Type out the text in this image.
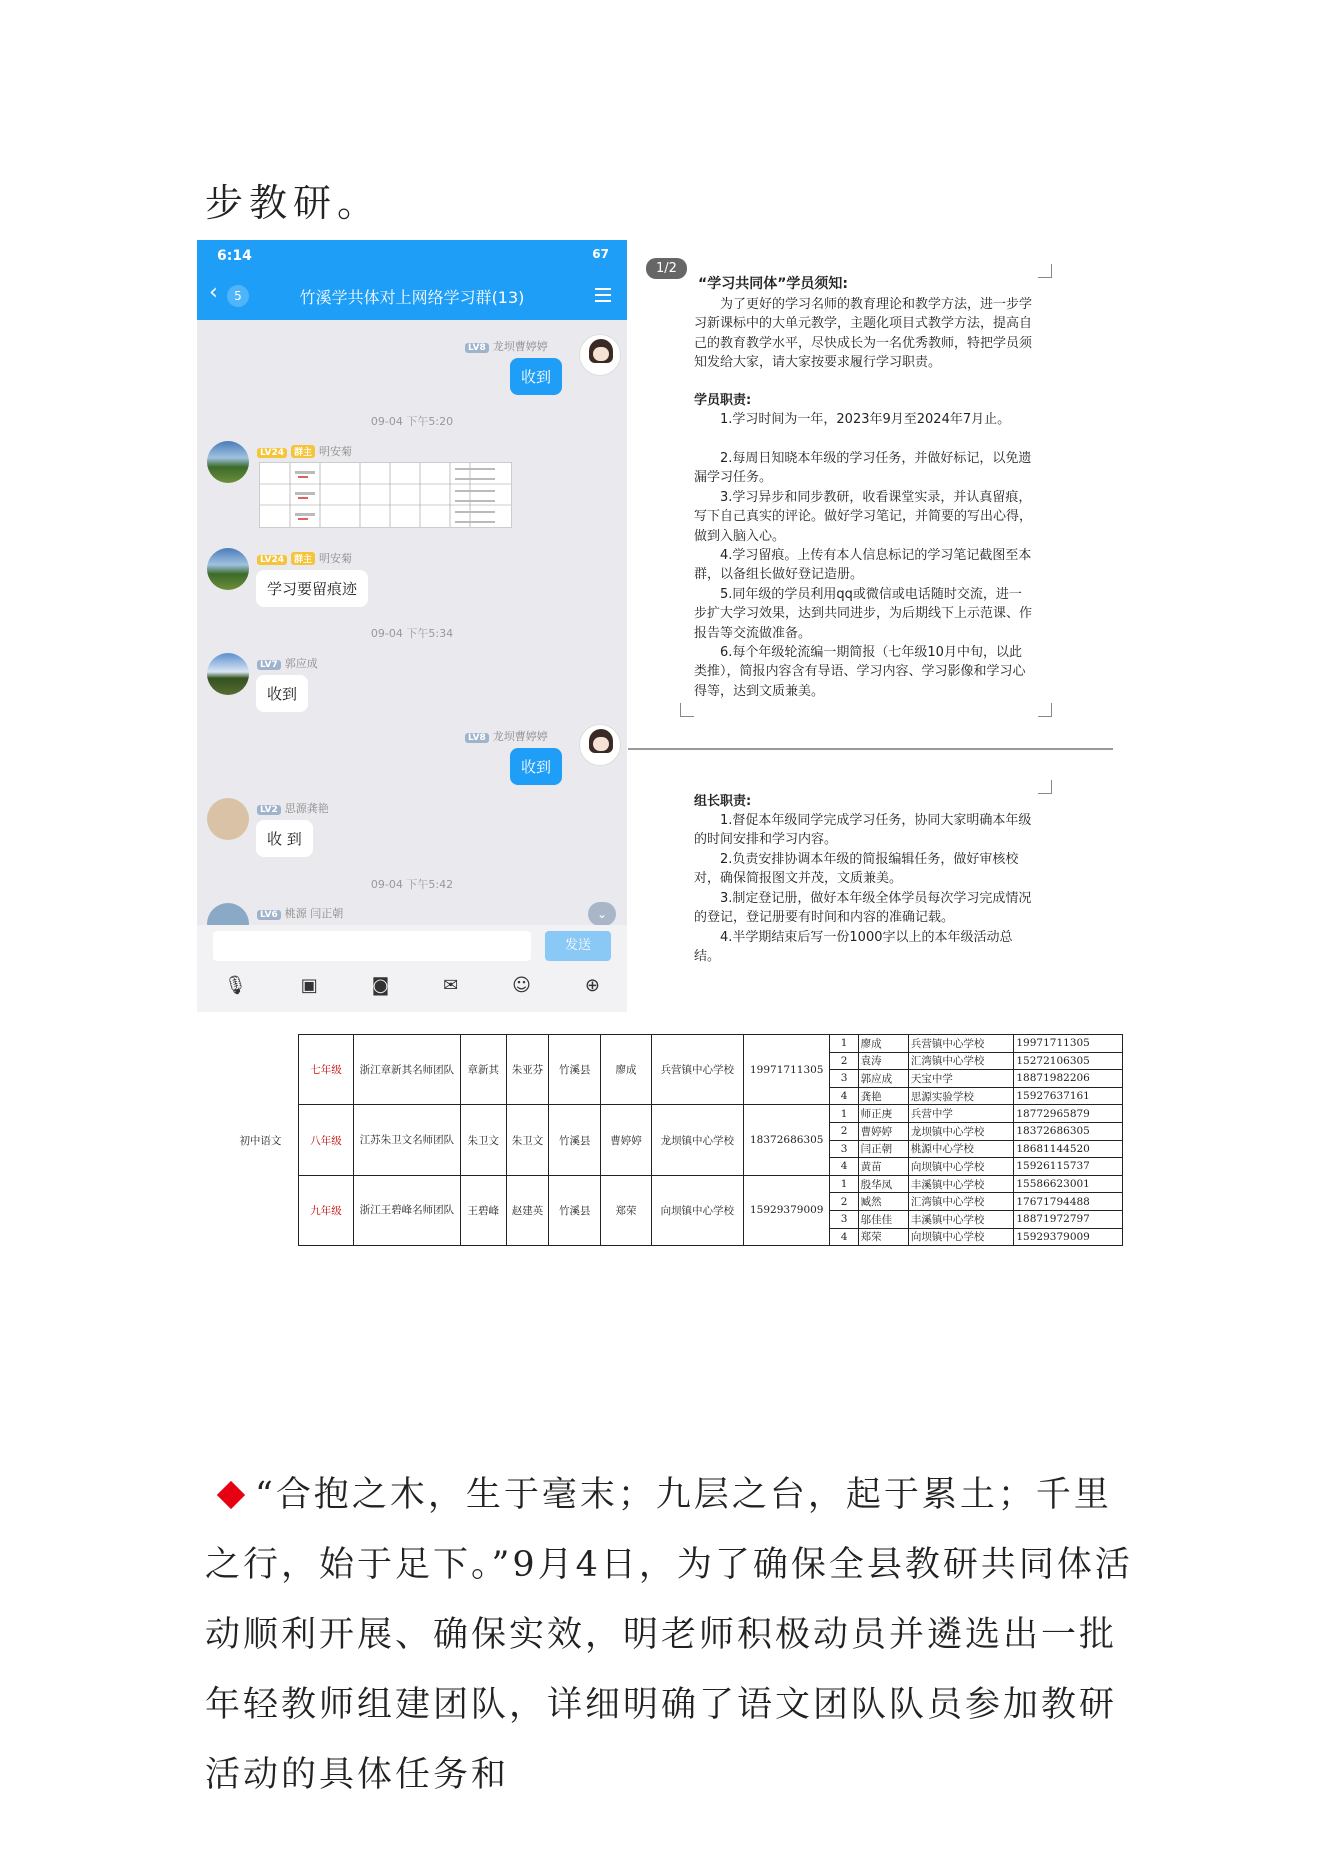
步教研。
6:14	67
‹	5	竹溪学共体对上网络学习群(13)
LV8 龙坝曹婷婷
收到
09-04 下午5:20
LV24 群主 明安菊
LV24 群主 明安菊
学习要留痕迹
09-04 下午5:34
LV7 郭应成
收到
LV8 龙坝曹婷婷
收到
LV2 思源龚艳
收 到
09-04 下午5:42
LV6 桃源 闫正朝	⌄
发送
🎙	▣	◙	✉	☺	⊕
1/2
“学习共同体”学员须知:
为了更好的学习名师的教育理论和教学方法，进一步学习新课标中的大单元教学，主题化项目式教学方法，提高自己的教育教学水平，尽快成长为一名优秀教师，特把学员须知发给大家，请大家按要求履行学习职责。
学员职责:
1.学习时间为一年，2023年9月至2024年7月止。
2.每周日知晓本年级的学习任务，并做好标记，以免遗漏学习任务。
3.学习异步和同步教研，收看课堂实录，并认真留痕，写下自己真实的评论。做好学习笔记，并简要的写出心得，做到入脑入心。
4.学习留痕。上传有本人信息标记的学习笔记截图至本群，以备组长做好登记造册。
5.同年级的学员利用qq或微信或电话随时交流，进一步扩大学习效果，达到共同进步，为后期线下上示范课、作报告等交流做准备。
6.每个年级轮流编一期简报（七年级10月中旬，以此类推），简报内容含有导语、学习内容、学习影像和学习心得等，达到文质兼美。
组长职责:
1.督促本年级同学完成学习任务，协同大家明确本年级的时间安排和学习内容。
2.负责安排协调本年级的简报编辑任务，做好审核校对，确保简报图文并茂，文质兼美。
3.制定登记册，做好本年级全体学员每次学习完成情况的登记，登记册要有时间和内容的准确记载。
4.半学期结束后写一份1000字以上的本年级活动总结。
初中语文	七年级	浙江章新其名师团队	章新其	朱亚芬	竹溪县	廖成	兵营镇中心学校	19971711305	1	廖成	兵营镇中心学校	19971711305
									2	袁涛	汇湾镇中心学校	15272106305
									3	郭应成	天宝中学	18871982206
									4	龚艳	思源实验学校	15927637161
	八年级	江苏朱卫文名师团队	朱卫文	朱卫文	竹溪县	曹婷婷	龙坝镇中心学校	18372686305	1	师正庚	兵营中学	18772965879
									2	曹婷婷	龙坝镇中心学校	18372686305
									3	闫正朝	桃源中心学校	18681144520
									4	黄苗	向坝镇中心学校	15926115737
	九年级	浙江王碧峰名师团队	王碧峰	赵建英	竹溪县	郑荣	向坝镇中心学校	15929379009	1	殷华凤	丰溪镇中心学校	15586623001
									2	臧然	汇湾镇中心学校	17671794488
									3	邬佳佳	丰溪镇中心学校	18871972797
									4	郑荣	向坝镇中心学校	15929379009
“合抱之木，生于毫末；九层之台，起于累土；千里之行，始于足下。”9月4日，为了确保全县教研共同体活动顺利开展、确保实效，明老师积极动员并遴选出一批年轻教师组建团队，详细明确了语文团队队员参加教研活动的具体任务和
